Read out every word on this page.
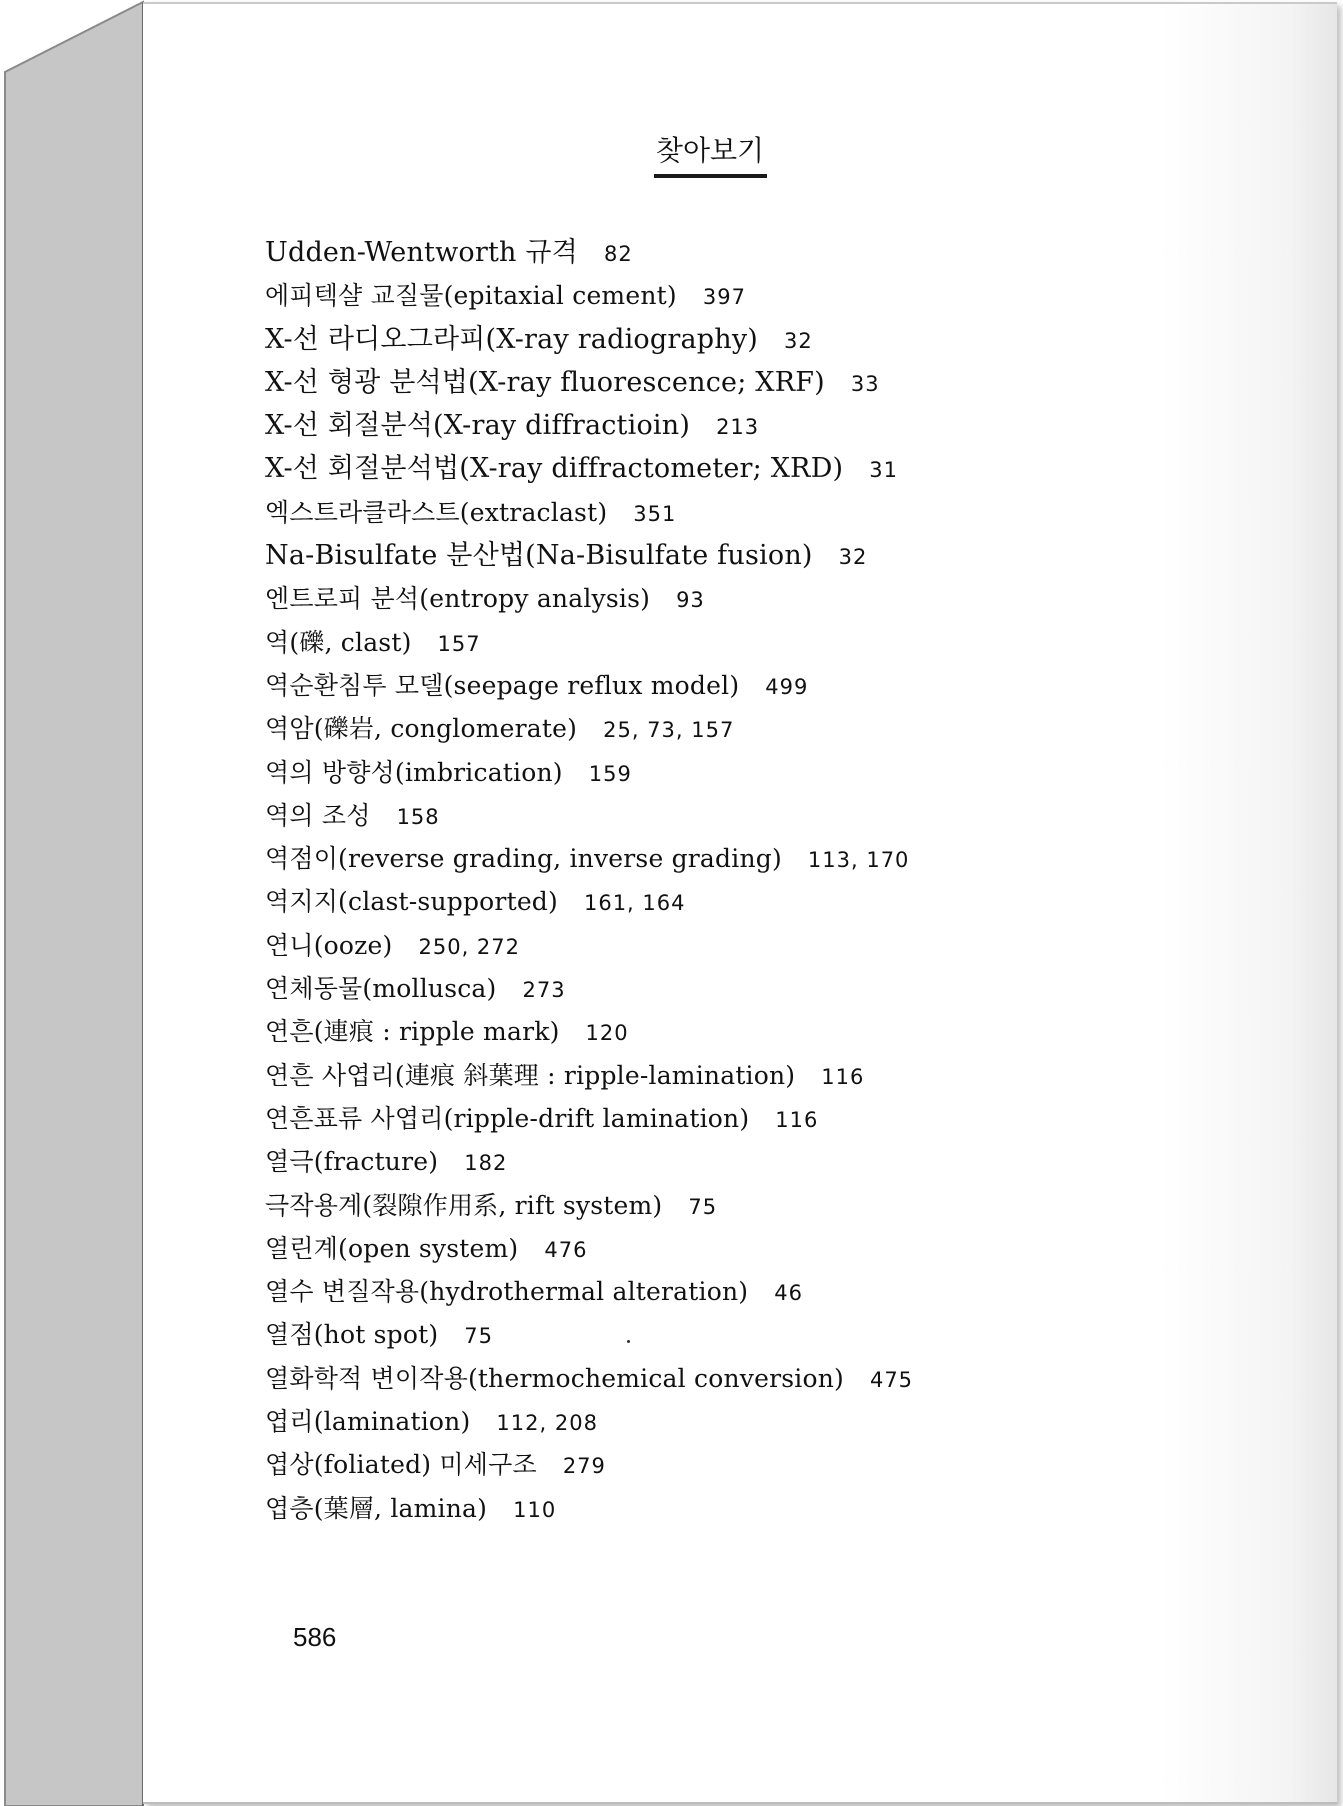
찾아보기
Udden-Wentworth 규격 82
에피텍샬 교질물(epitaxial cement) 397
X-선 라디오그라피(X-ray radiography) 32
X-선 형광 분석법(X-ray fluorescence; XRF) 33
X-선 회절분석(X-ray diffractioin) 213
X-선 회절분석법(X-ray diffractometer; XRD) 31
엑스트라클라스트(extraclast) 351
Na-Bisulfate 분산법(Na-Bisulfate fusion) 32
엔트로피 분석(entropy analysis) 93
역(礫, clast) 157
역순환침투 모델(seepage reflux model) 499
역암(礫岩, conglomerate) 25, 73, 157
역의 방향성(imbrication) 159
역의 조성 158
역점이(reverse grading, inverse grading) 113, 170
역지지(clast-supported) 161, 164
연니(ooze) 250, 272
연체동물(mollusca) 273
연흔(連痕 : ripple mark) 120
연흔 사엽리(連痕 斜葉理 : ripple-lamination) 116
연흔표류 사엽리(ripple-drift lamination) 116
열극(fracture) 182
극작용계(裂隙作用系, rift system) 75
열린계(open system) 476
열수 변질작용(hydrothermal alteration) 46
열점(hot spot) 75
열화학적 변이작용(thermochemical conversion) 475
엽리(lamination) 112, 208
엽상(foliated) 미세구조 279
엽층(葉層, lamina) 110
586
